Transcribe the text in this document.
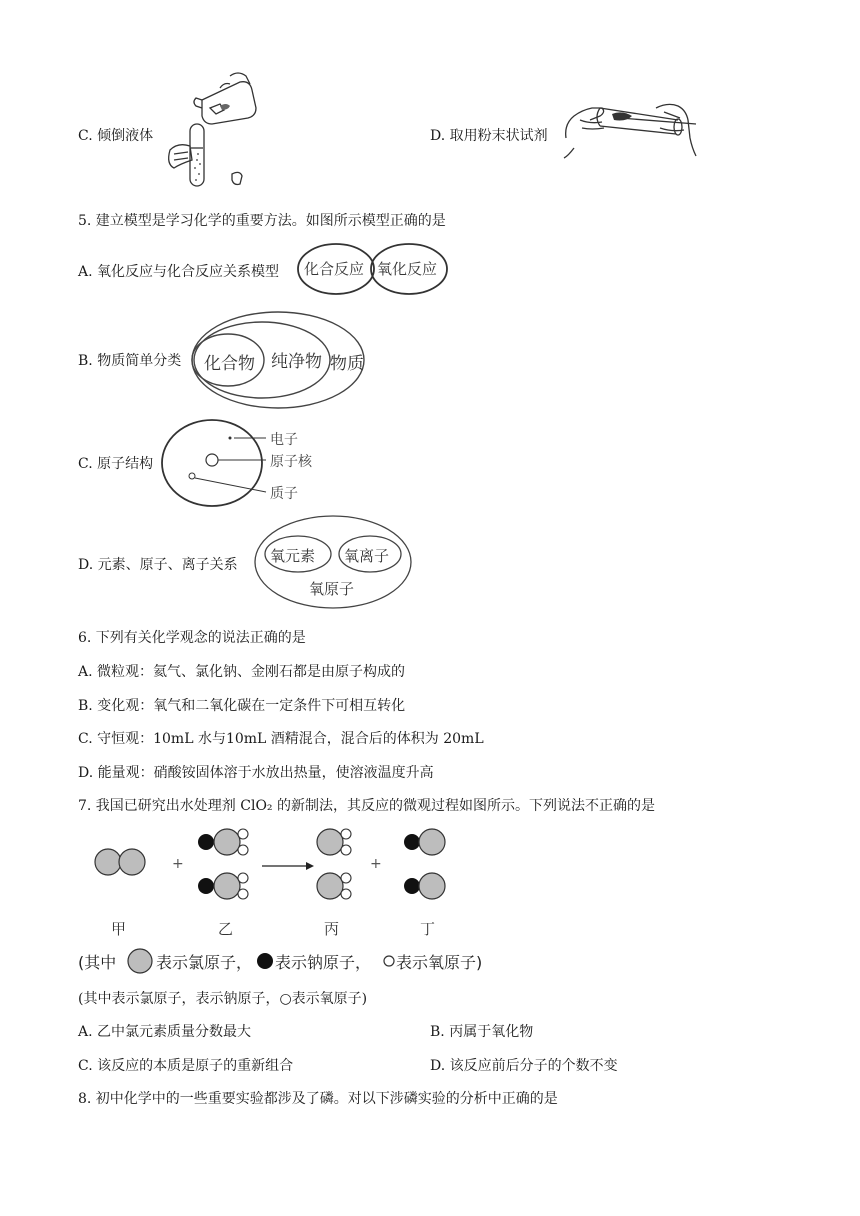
C. 倾倒液体	D. 取用粉末状试剂
5. 建立模型是学习化学的重要方法。如图所示模型正确的是
A. 氧化反应与化合反应关系模型 化合反应 氧化反应
B. 物质简单分类 化合物 纯净物 物质
C. 原子结构
电子
原子核
质子
D. 元素、原子、离子关系 氧元素 氧离子
氧原子
6. 下列有关化学观念的说法正确的是
A. 微粒观：氦气、氯化钠、金刚石都是由原子构成的
B. 变化观：氧气和二氧化碳在一定条件下可相互转化
C. 守恒观：10mL 水与10mL 酒精混合，混合后的体积为 20mL
D. 能量观：硝酸铵固体溶于水放出热量，使溶液温度升高
7. 我国已研究出水处理剂 ClO₂ 的新制法，其反应的微观过程如图所示。下列说法不正确的是
+	+
甲	乙	丙	丁
(其中 表示氯原子， 表示钠原子， 表示氧原子)
(其中表示氯原子，表示钠原子，○表示氧原子)
A. 乙中氯元素质量分数最大	B. 丙属于氧化物
C. 该反应的本质是原子的重新组合	D. 该反应前后分子的个数不变
8. 初中化学中的一些重要实验都涉及了磷。对以下涉磷实验的分析中正确的是
